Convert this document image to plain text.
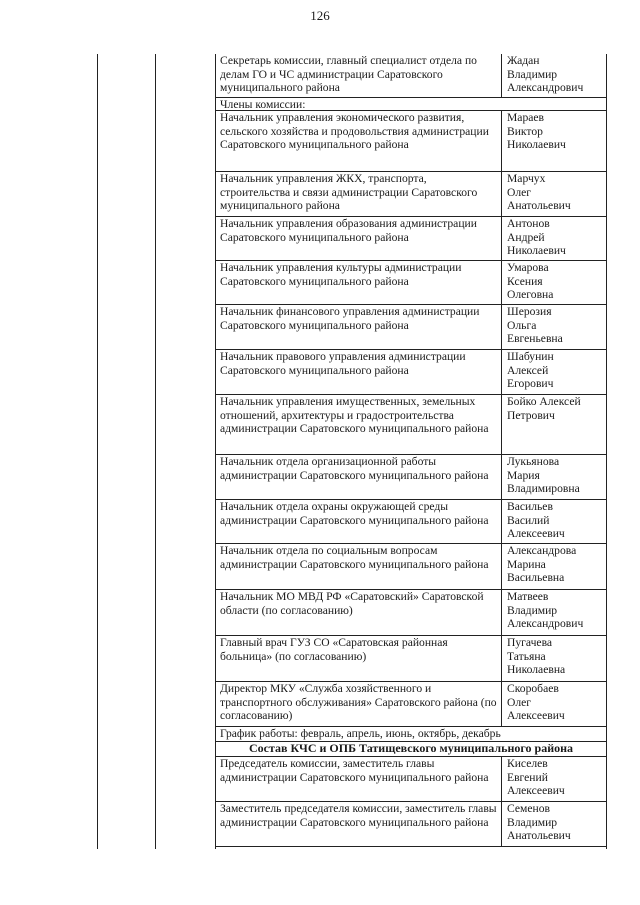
126
Секретарь комиссии, главный специалист отдела по делам ГО и ЧС администрации Саратовского муниципального района
Жадан
Владимир
Александрович
Члены комиссии:
Начальник управления экономического развития, сельского хозяйства и продовольствия администрации Саратовского муниципального района
Мараев
Виктор
Николаевич
Начальник управления ЖКХ, транспорта, строительства и связи администрации Саратовского муниципального района
Марчух
Олег
Анатольевич
Начальник управления образования администрации Саратовского муниципального района
Антонов
Андрей
Николаевич
Начальник управления культуры администрации Саратовского муниципального района
Умарова
Ксения
Олеговна
Начальник финансового управления администрации Саратовского муниципального района
Шерозия
Ольга
Евгеньевна
Начальник правового управления администрации Саратовского муниципального района
Шабунин
Алексей
Егорович
Начальник управления имущественных, земельных отношений, архитектуры и градостроительства администрации Саратовского муниципального района
Бойко Алексей
Петрович
Начальник отдела организационной работы администрации Саратовского муниципального района
Лукьянова
Мария
Владимировна
Начальник отдела охраны окружающей среды администрации Саратовского муниципального района
Васильев
Василий
Алексеевич
Начальник отдела по социальным вопросам администрации Саратовского муниципального района
Александрова
Марина
Васильевна
Начальник МО МВД РФ «Саратовский» Саратовской области (по согласованию)
Матвеев
Владимир
Александрович
Главный врач ГУЗ СО «Саратовская районная больница» (по согласованию)
Пугачева
Татьяна
Николаевна
Директор МКУ «Служба хозяйственного и транспортного обслуживания» Саратовского района (по согласованию)
Скоробаев
Олег
Алексеевич
График работы: февраль, апрель, июнь, октябрь, декабрь
Состав КЧС и ОПБ Татищевского муниципального района
Председатель комиссии, заместитель главы администрации Саратовского муниципального района
Киселев
Евгений
Алексеевич
Заместитель председателя комиссии, заместитель главы администрации Саратовского муниципального района
Семенов
Владимир
Анатольевич
